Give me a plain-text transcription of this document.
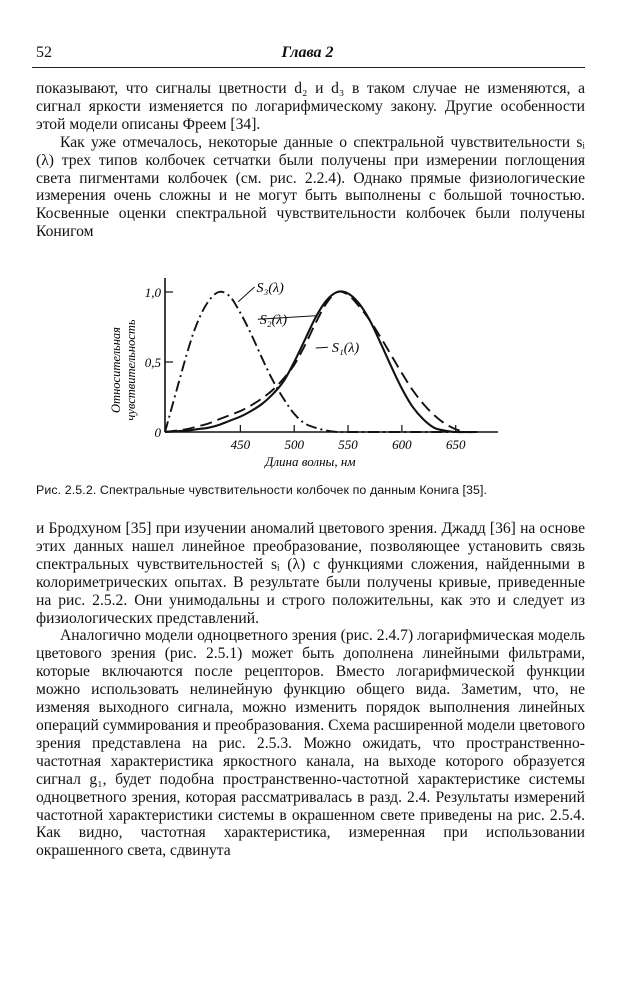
52	Глава 2

показывают, что сигналы цветности d₂ и d₃ в таком случае не изменяются, а сигнал яркости изменяется по логарифмическому закону. Другие особенности этой модели описаны Фреем [34].

Как уже отмечалось, некоторые данные о спектральной чувствительности sᵢ (λ) трех типов колбочек сетчатки были получены при измерении поглощения света пигментами колбочек (см. рис. 2.2.4). Однако прямые физиологические измерения очень сложны и не могут быть выполнены с большой точностью. Косвенные оценки спектральной чувствительности колбочек были получены Конигом

450	500	550	600	650
0
0,5
1,0	S₃(λ)
S₂(λ)
S₁(λ)
Относительная чувствительность
Длина волны, нм
Рис. 2.5.2. Спектральные чувствительности колбочек по данным Конига [35].

и Бродхуном [35] при изучении аномалий цветового зрения. Джадд [36] на основе этих данных нашел линейное преобразование, позволяющее установить связь спектральных чувствительностей sᵢ (λ) с функциями сложения, найденными в колориметрических опытах. В результате были получены кривые, приведенные на рис. 2.5.2. Они унимодальны и строго положительны, как это и следует из физиологических представлений.

Аналогично модели одноцветного зрения (рис. 2.4.7) логарифмическая модель цветового зрения (рис. 2.5.1) может быть дополнена линейными фильтрами, которые включаются после рецепторов. Вместо логарифмической функции можно использовать нелинейную функцию общего вида. Заметим, что, не изменяя выходного сигнала, можно изменить порядок выполнения линейных операций суммирования и преобразования. Схема расширенной модели цветового зрения представлена на рис. 2.5.3. Можно ожидать, что пространственно-частотная характеристика яркостного канала, на выходе которого образуется сигнал g₁, будет подобна пространственно-частотной характеристике системы одноцветного зрения, которая рассматривалась в разд. 2.4. Результаты измерений частотной характеристики системы в окрашенном свете приведены на рис. 2.5.4. Как видно, частотная характеристика, измеренная при использовании окрашенного света, сдвинута
